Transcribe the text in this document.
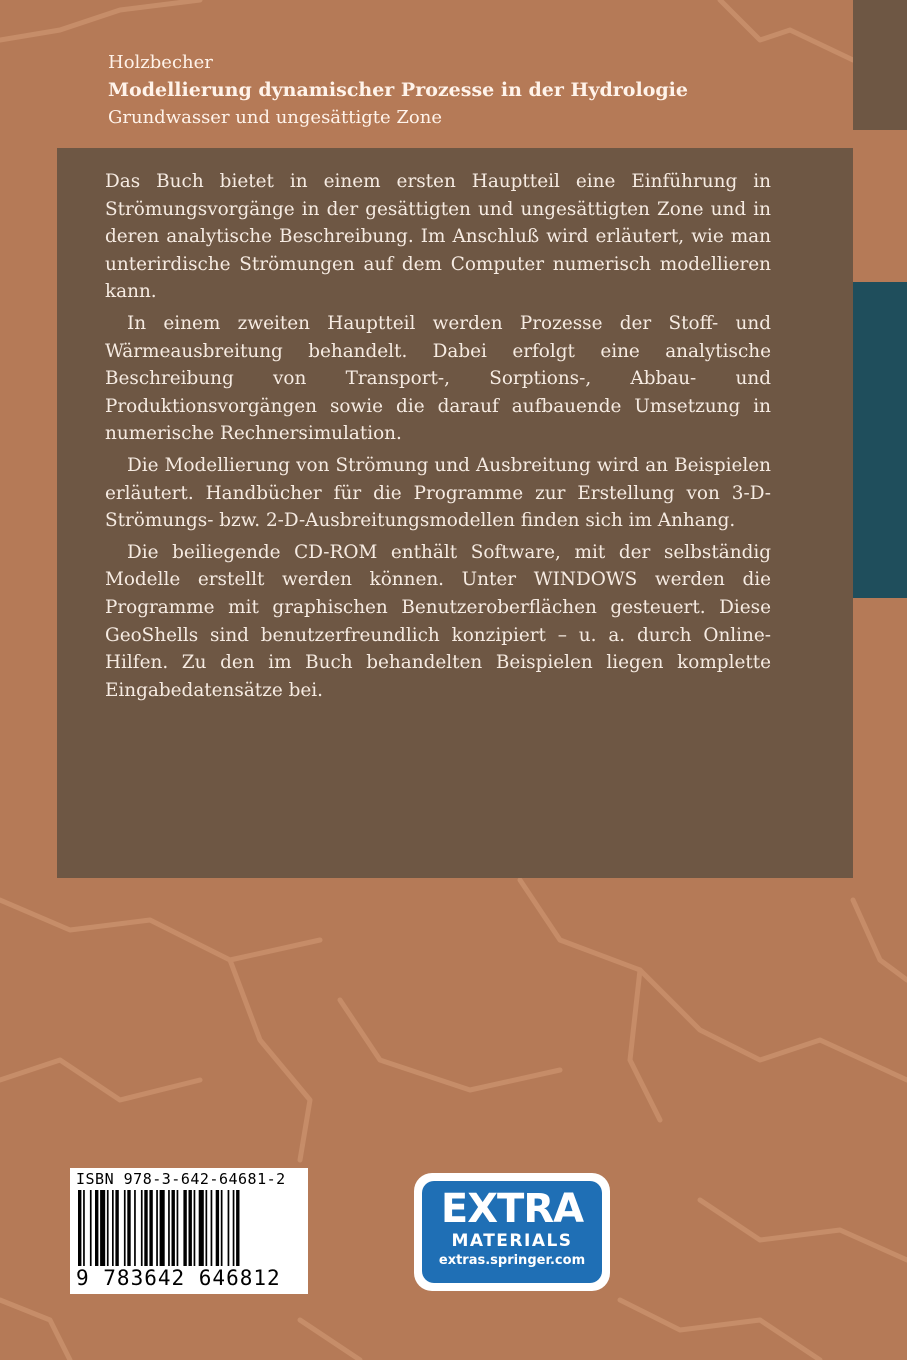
Holzbecher
Modellierung dynamischer Prozesse in der Hydrologie
Grundwasser und ungesättigte Zone

Das Buch bietet in einem ersten Hauptteil eine Einführung in Strömungsvorgänge in der gesättigten und ungesättigten Zone und in deren analytische Beschreibung. Im Anschluß wird erläutert, wie man unterirdische Strömungen auf dem Computer numerisch modellieren kann.

In einem zweiten Hauptteil werden Prozesse der Stoff- und Wärmeausbreitung behandelt. Dabei erfolgt eine analytische Beschreibung von Transport-, Sorptions-, Abbau- und Produktionsvorgängen sowie die darauf aufbauende Umsetzung in numerische Rechnersimulation.

Die Modellierung von Strömung und Ausbreitung wird an Beispielen erläutert. Handbücher für die Programme zur Erstellung von 3-D-Strömungs- bzw. 2-D-Ausbreitungsmodellen finden sich im Anhang.

Die beiliegende CD-ROM enthält Software, mit der selbständig Modelle erstellt werden können. Unter WINDOWS werden die Programme mit graphischen Benutzeroberflächen gesteuert. Diese GeoShells sind benutzerfreundlich konzipiert – u. a. durch Online-Hilfen. Zu den im Buch behandelten Beispielen liegen komplette Eingabedatensätze bei.

ISBN 978-3-642-64681-2
9 783642 646812
EXTRA
MATERIALS
extras.springer.com
